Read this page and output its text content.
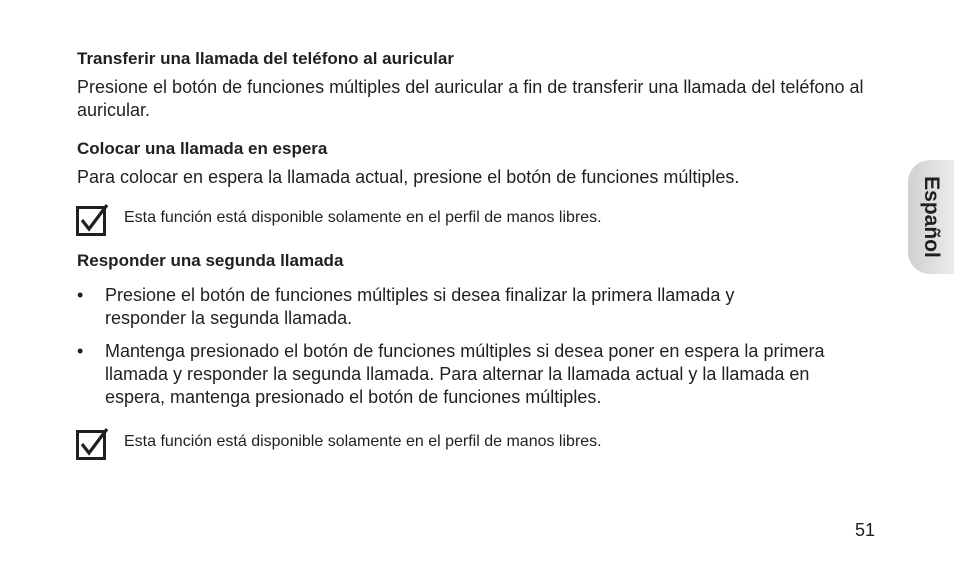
Transferir una llamada del teléfono al auricular
Presione el botón de funciones múltiples del auricular a fin de transferir una llamada del teléfono al auricular.
Colocar una llamada en espera
Para colocar en espera la llamada actual, presione el botón de funciones múltiples.
Esta función está disponible solamente en el perfil de manos libres.
Responder una segunda llamada
• Presione el botón de funciones múltiples si desea finalizar la primera llamada y responder la segunda llamada.
• Mantenga presionado el botón de funciones múltiples si desea poner en espera la primera llamada y responder la segunda llamada. Para alternar la llamada actual y la llamada en espera, mantenga presionado el botón de funciones múltiples.
Esta función está disponible solamente en el perfil de manos libres.
Español
51
